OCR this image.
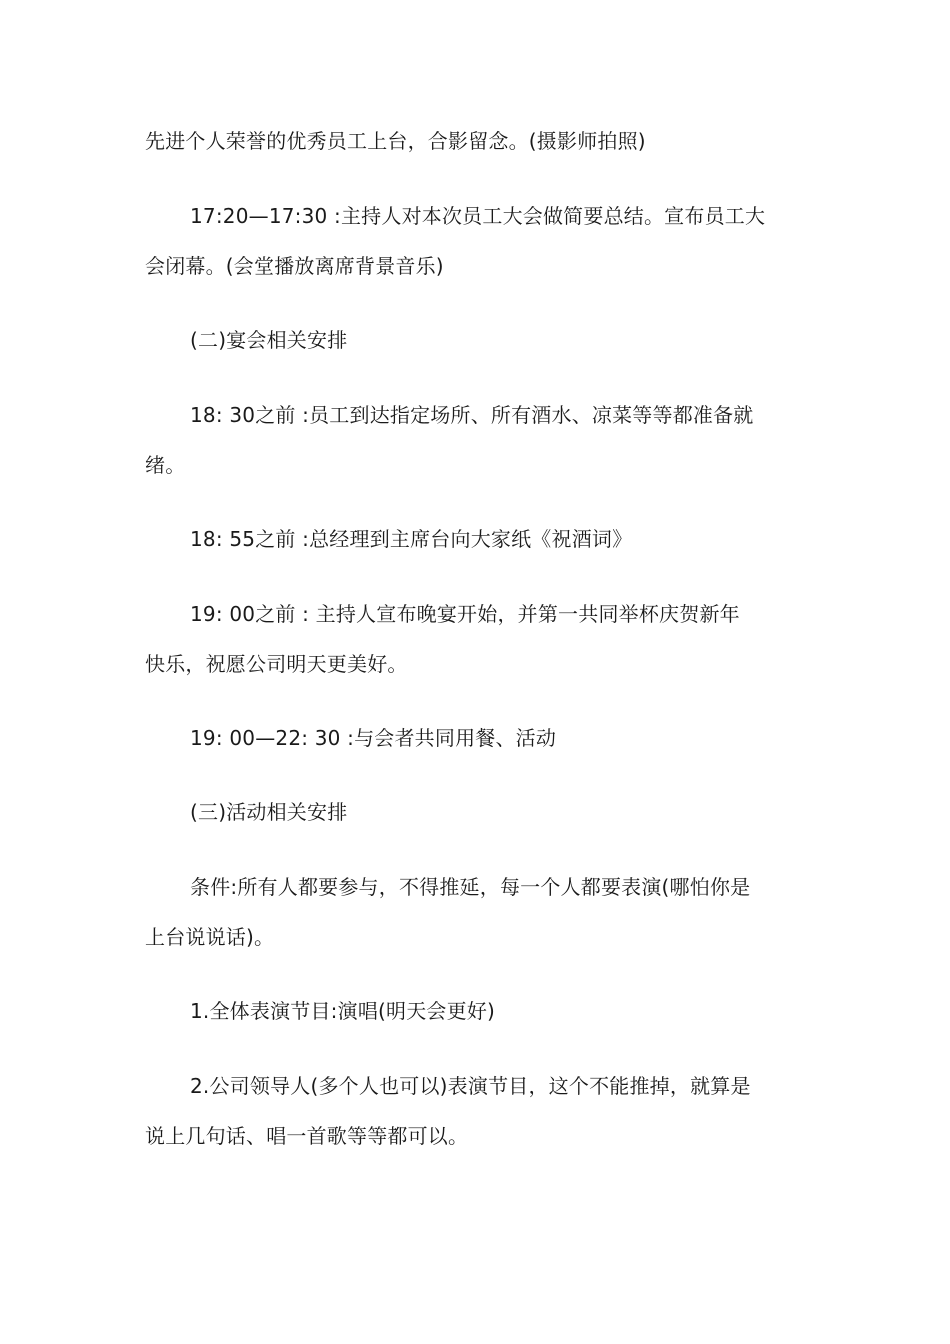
先进个人荣誉的优秀员工上台，合影留念。(摄影师拍照)
17:20—17:30 :主持人对本次员工大会做简要总结。宣布员工大
会闭幕。(会堂播放离席背景音乐)
(二)宴会相关安排
18: 30之前 :员工到达指定场所、所有酒水、凉菜等等都准备就
绪。
18: 55之前 :总经理到主席台向大家纸《祝酒词》
19: 00之前 : 主持人宣布晚宴开始，并第一共同举杯庆贺新年
快乐，祝愿公司明天更美好。
19: 00—22: 30 :与会者共同用餐、活动
(三)活动相关安排
条件:所有人都要参与，不得推延，每一个人都要表演(哪怕你是
上台说说话)。
1.全体表演节目:演唱(明天会更好)
2.公司领导人(多个人也可以)表演节目，这个不能推掉，就算是
说上几句话、唱一首歌等等都可以。
